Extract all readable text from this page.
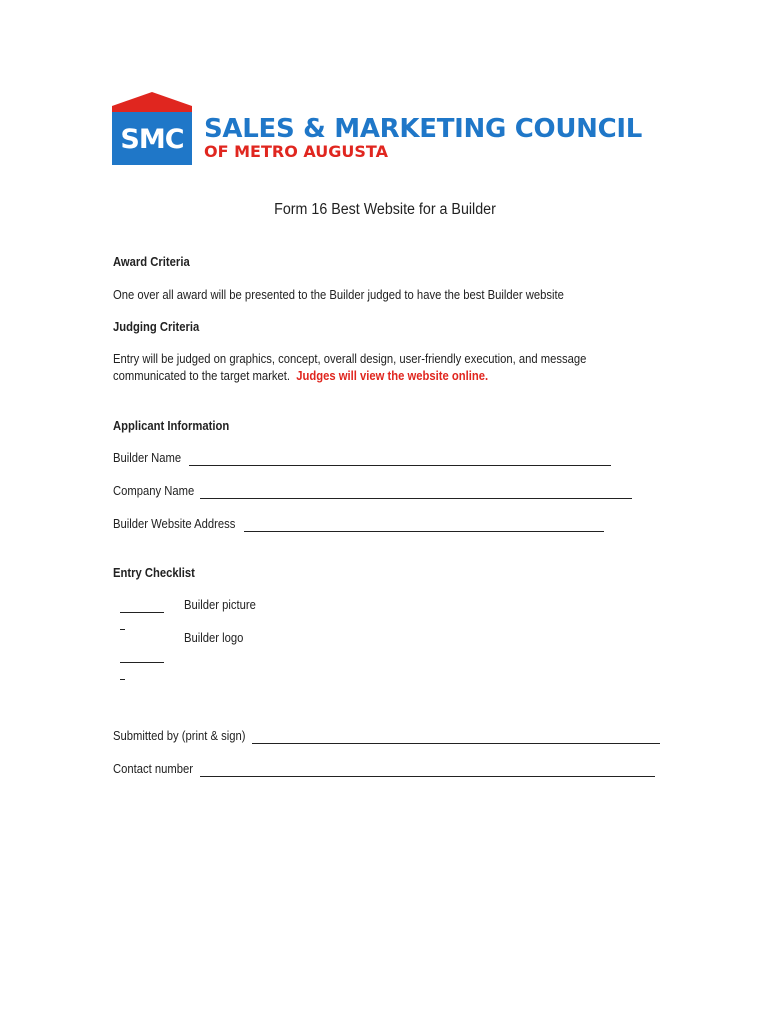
SMC SALES & MARKETING COUNCIL
OF METRO AUGUSTA
Form 16 Best Website for a Builder
Award Criteria
One over all award will be presented to the Builder judged to have the best Builder website
Judging Criteria
Entry will be judged on graphics, concept, overall design, user-friendly execution, and message
communicated to the target market. Judges will view the website online.
Applicant Information
Builder Name
Company Name
Builder Website Address
Entry Checklist
Builder picture
Builder logo
Submitted by (print & sign)
Contact number
